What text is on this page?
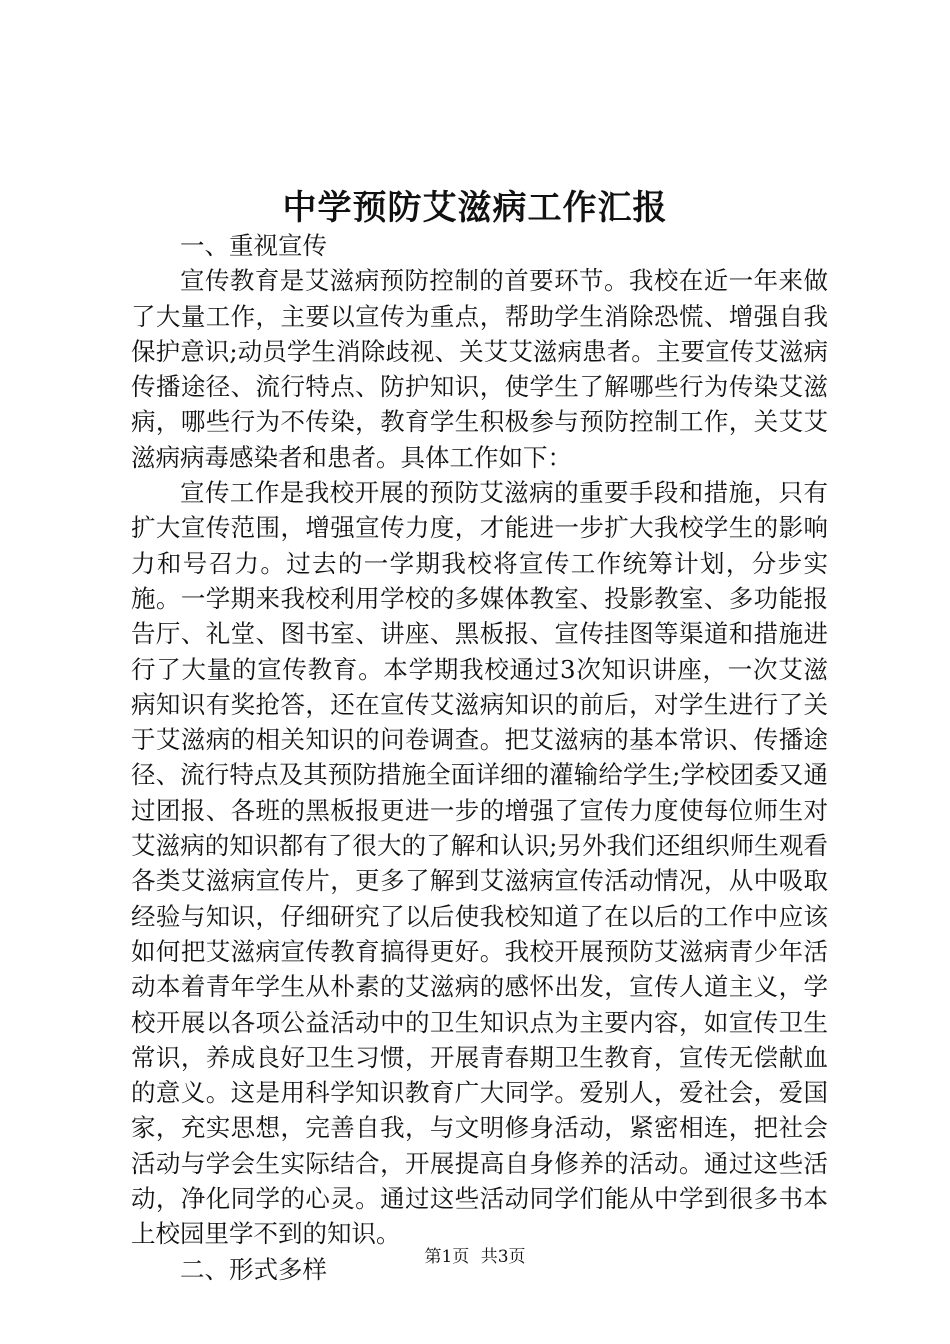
中学预防艾滋病工作汇报

一、重视宣传

宣传教育是艾滋病预防控制的首要环节。我校在近一年来做了大量工作，主要以宣传为重点，帮助学生消除恐慌、增强自我保护意识;动员学生消除歧视、关艾艾滋病患者。主要宣传艾滋病传播途径、流行特点、防护知识，使学生了解哪些行为传染艾滋病，哪些行为不传染，教育学生积极参与预防控制工作，关艾艾滋病病毒感染者和患者。具体工作如下：

宣传工作是我校开展的预防艾滋病的重要手段和措施，只有扩大宣传范围，增强宣传力度，才能进一步扩大我校学生的影响力和号召力。过去的一学期我校将宣传工作统筹计划，分步实施。一学期来我校利用学校的多媒体教室、投影教室、多功能报告厅、礼堂、图书室、讲座、黑板报、宣传挂图等渠道和措施进行了大量的宣传教育。本学期我校通过3次知识讲座，一次艾滋病知识有奖抢答，还在宣传艾滋病知识的前后，对学生进行了关于艾滋病的相关知识的问卷调查。把艾滋病的基本常识、传播途径、流行特点及其预防措施全面详细的灌输给学生;学校团委又通过团报、各班的黑板报更进一步的增强了宣传力度使每位师生对艾滋病的知识都有了很大的了解和认识;另外我们还组织师生观看各类艾滋病宣传片，更多了解到艾滋病宣传活动情况，从中吸取经验与知识，仔细研究了以后使我校知道了在以后的工作中应该如何把艾滋病宣传教育搞得更好。我校开展预防艾滋病青少年活动本着青年学生从朴素的艾滋病的感怀出发，宣传人道主义，学校开展以各项公益活动中的卫生知识点为主要内容，如宣传卫生常识，养成良好卫生习惯，开展青春期卫生教育，宣传无偿献血的意义。这是用科学知识教育广大同学。爱别人，爱社会，爱国家，充实思想，完善自我，与文明修身活动，紧密相连，把社会活动与学会生实际结合，开展提高自身修养的活动。通过这些活动，净化同学的心灵。通过这些活动同学们能从中学到很多书本上校园里学不到的知识。

二、形式多样	第1页 共3页
